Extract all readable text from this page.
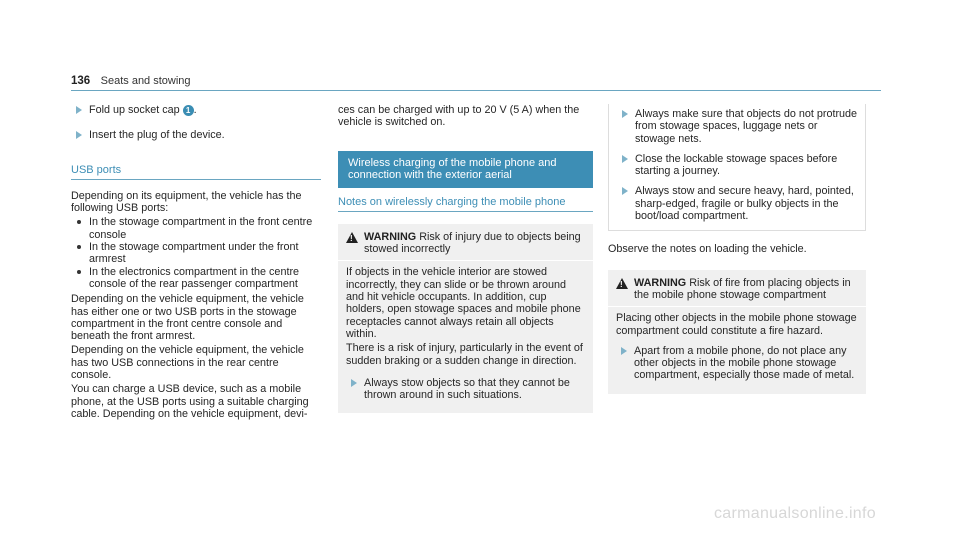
136 Seats and stowing
Fold up socket cap 1 .
Insert the plug of the device.
USB ports

Depending on its equipment, the vehicle has the following USB ports:

In the stowage compartment in the front centre console
In the stowage compartment under the front armrest
In the electronics compartment in the centre console of the rear passenger compartment

Depending on the vehicle equipment, the vehicle has either one or two USB ports in the stowage compartment in the front centre console and beneath the front armrest.

Depending on the vehicle equipment, the vehicle has two USB connections in the rear centre console.

You can charge a USB device, such as a mobile phone, at the USB ports using a suitable charging cable. Depending on the vehicle equipment, devi-

ces can be charged with up to 20 V (5 A) when the vehicle is switched on.

Wireless charging of the mobile phone and connection with the exterior aerial
Notes on wirelessly charging the mobile phone
!
WARNING Risk of injury due to objects being stowed incorrectly

If objects in the vehicle interior are stowed incorrectly, they can slide or be thrown around and hit vehicle occupants. In addition, cup holders, open stowage spaces and mobile phone receptacles cannot always retain all objects within.

There is a risk of injury, particularly in the event of sudden braking or a sudden change in direction.

Always stow objects so that they cannot be thrown around in such situations.
Always make sure that objects do not protrude from stowage spaces, luggage nets or stowage nets.
Close the lockable stowage spaces before starting a journey.
Always stow and secure heavy, hard, pointed, sharp-edged, fragile or bulky objects in the boot/load compartment.

Observe the notes on loading the vehicle.

!
WARNING Risk of fire from placing objects in the mobile phone stowage compartment

Placing other objects in the mobile phone stowage compartment could constitute a fire hazard.

Apart from a mobile phone, do not place any other objects in the mobile phone stowage compartment, especially those made of metal.
carmanualsonline.info
